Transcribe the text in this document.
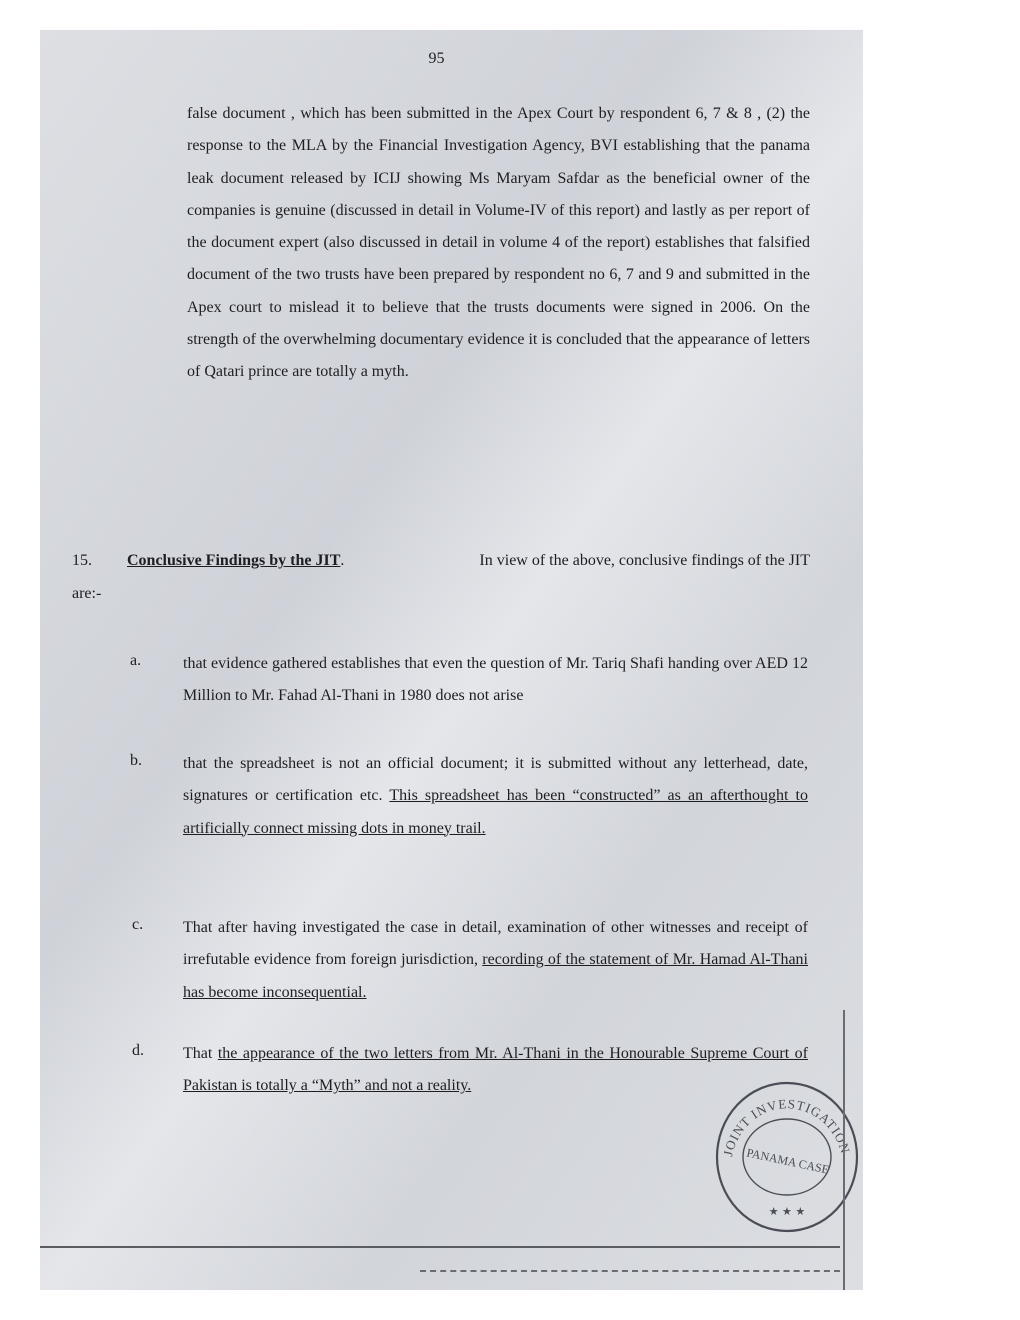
95

false document , which has been submitted in the Apex Court by respondent 6, 7 & 8 , (2) the response to the MLA by the Financial Investigation Agency, BVI establishing that the panama leak document released by ICIJ showing Ms Maryam Safdar as the beneficial owner of the companies is genuine (discussed in detail in Volume-IV of this report) and lastly as per report of the document expert (also discussed in detail in volume 4 of the report) establishes that falsified document of the two trusts have been prepared by respondent no 6, 7 and 9 and submitted in the Apex court to mislead it to believe that the trusts documents were signed in 2006. On the strength of the overwhelming documentary evidence it is concluded that the appearance of letters of Qatari prince are totally a myth.

15. Conclusive Findings by the JIT.	In view of the above, conclusive findings of the JIT
are:-
a.	that evidence gathered establishes that even the question of Mr. Tariq Shafi handing over AED 12 Million to Mr. Fahad Al-Thani in 1980 does not arise

b.	that the spreadsheet is not an official document; it is submitted without any letterhead, date, signatures or certification etc. This spreadsheet has been “constructed” as an afterthought to artificially connect missing dots in money trail.

c. That after having investigated the case in detail, examination of other witnesses and receipt of irrefutable evidence from foreign jurisdiction, recording of the statement of Mr. Hamad Al-Thani has become inconsequential.

d. That the appearance of the two letters from Mr. Al-Thani in the Honourable Supreme Court of Pakistan is totally a “Myth” and not a reality.

JOINT INVESTIGATION
PANAMA CASE
★ ★ ★
